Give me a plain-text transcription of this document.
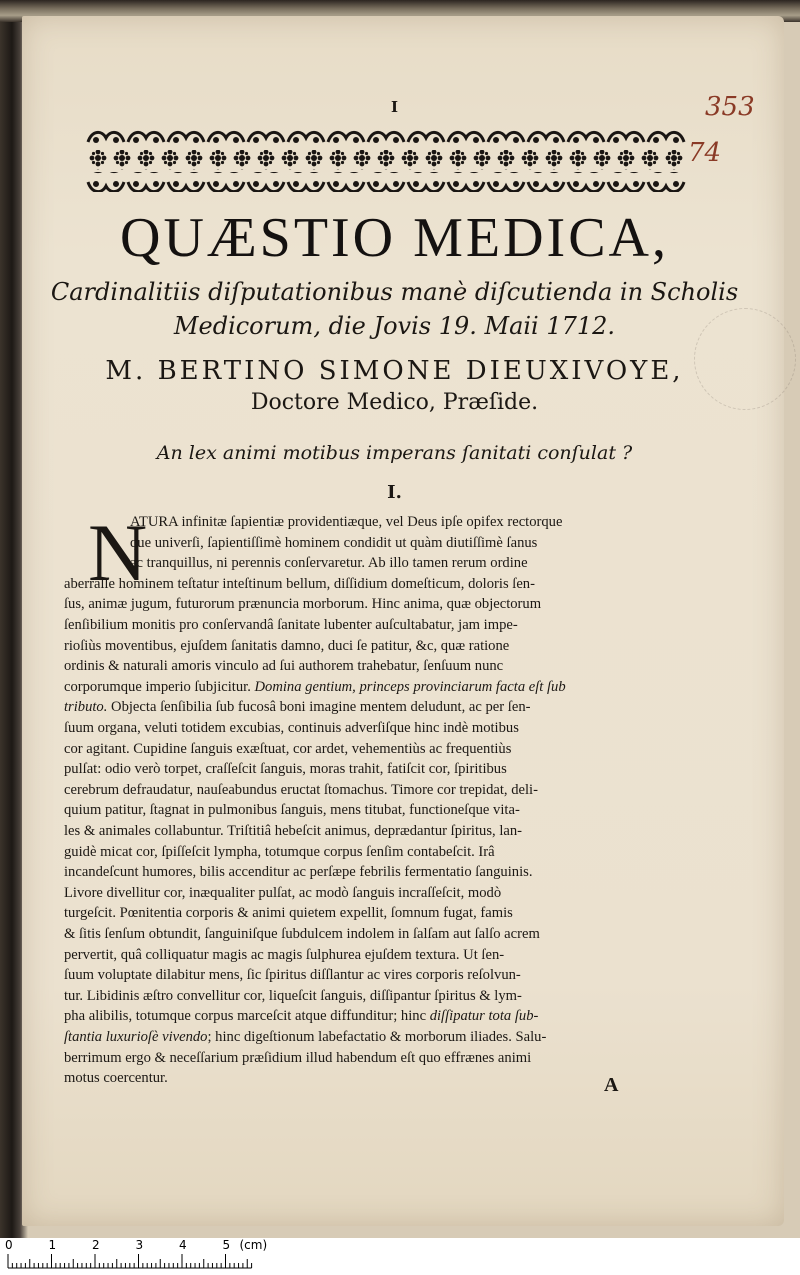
I	353
74
QUÆSTIO MEDICA,
Cardinalitiis diſputationibus manè diſcutienda in Scholis
Medicorum, die Jovis 19. Maii 1712.
M. BERTINO SIMONE DIEUXIVOYE,
Doctore Medico, Præſide.
An lex animi motibus imperans ſanitati conſulat ?
I.
N
A
ATURA infinitæ ſapientiæ providentiæque, vel Deus ipſe opifex rectorque
que univerſi, ſapientiſſimè hominem condidit ut quàm diutiſſimè ſanus
ac tranquillus, ni perennis conſervaretur. Ab illo tamen rerum ordine
aberraſſe hominem teſtatur inteſtinum bellum, diſſidium domeſticum, doloris ſen-
ſus, animæ jugum, futurorum prænuncia morborum. Hinc anima, quæ objectorum
ſenſibilium monitis pro conſervandâ ſanitate lubenter auſcultabatur, jam impe-
rioſiùs moventibus, ejuſdem ſanitatis damno, duci ſe patitur, &c, quæ ratione
ordinis & naturali amoris vinculo ad ſui authorem trahebatur, ſenſuum nunc
corporumque imperio ſubjicitur. Domina gentium, princeps provinciarum facta eſt ſub
tributo. Objecta ſenſibilia ſub fucosâ boni imagine mentem deludunt, ac per ſen-
ſuum organa, veluti totidem excubias, continuis adverſiſque hinc indè motibus
cor agitant. Cupidine ſanguis exæſtuat, cor ardet, vehementiùs ac frequentiùs
pulſat: odio verò torpet, craſſeſcit ſanguis, moras trahit, fatiſcit cor, ſpiritibus
cerebrum defraudatur, nauſeabundus eructat ſtomachus. Timore cor trepidat, deli-
quium patitur, ſtagnat in pulmonibus ſanguis, mens titubat, functioneſque vita-
les & animales collabuntur. Triſtitiâ hebeſcit animus, deprædantur ſpiritus, lan-
guidè micat cor, ſpiſſeſcit lympha, totumque corpus ſenſim contabeſcit. Irâ
incandeſcunt humores, bilis accenditur ac perſæpe febrilis fermentatio ſanguinis.
Livore divellitur cor, inæqualiter pulſat, ac modò ſanguis incraſſeſcit, modò
turgeſcit. Pœnitentia corporis & animi quietem expellit, ſomnum fugat, famis
& ſitis ſenſum obtundit, ſanguiniſque ſubdulcem indolem in ſalſam aut ſalſo acrem
pervertit, quâ colliquatur magis ac magis ſulphurea ejuſdem textura. Ut ſen-
ſuum voluptate dilabitur mens, ſic ſpiritus diſſlantur ac vires corporis reſolvun-
tur. Libidinis æſtro convellitur cor, liqueſcit ſanguis, diſſipantur ſpiritus & lym-
pha alibilis, totumque corpus marceſcit atque diffunditur; hinc diſſipatur tota ſub-
ſtantia luxurioſè vivendo; hinc digeſtionum labefactatio & morborum iliades. Salu-
berrimum ergo & neceſſarium præſidium illud habendum eſt quo effrænes animi
motus coercentur.
0	1	2	3	4	5 (cm)
